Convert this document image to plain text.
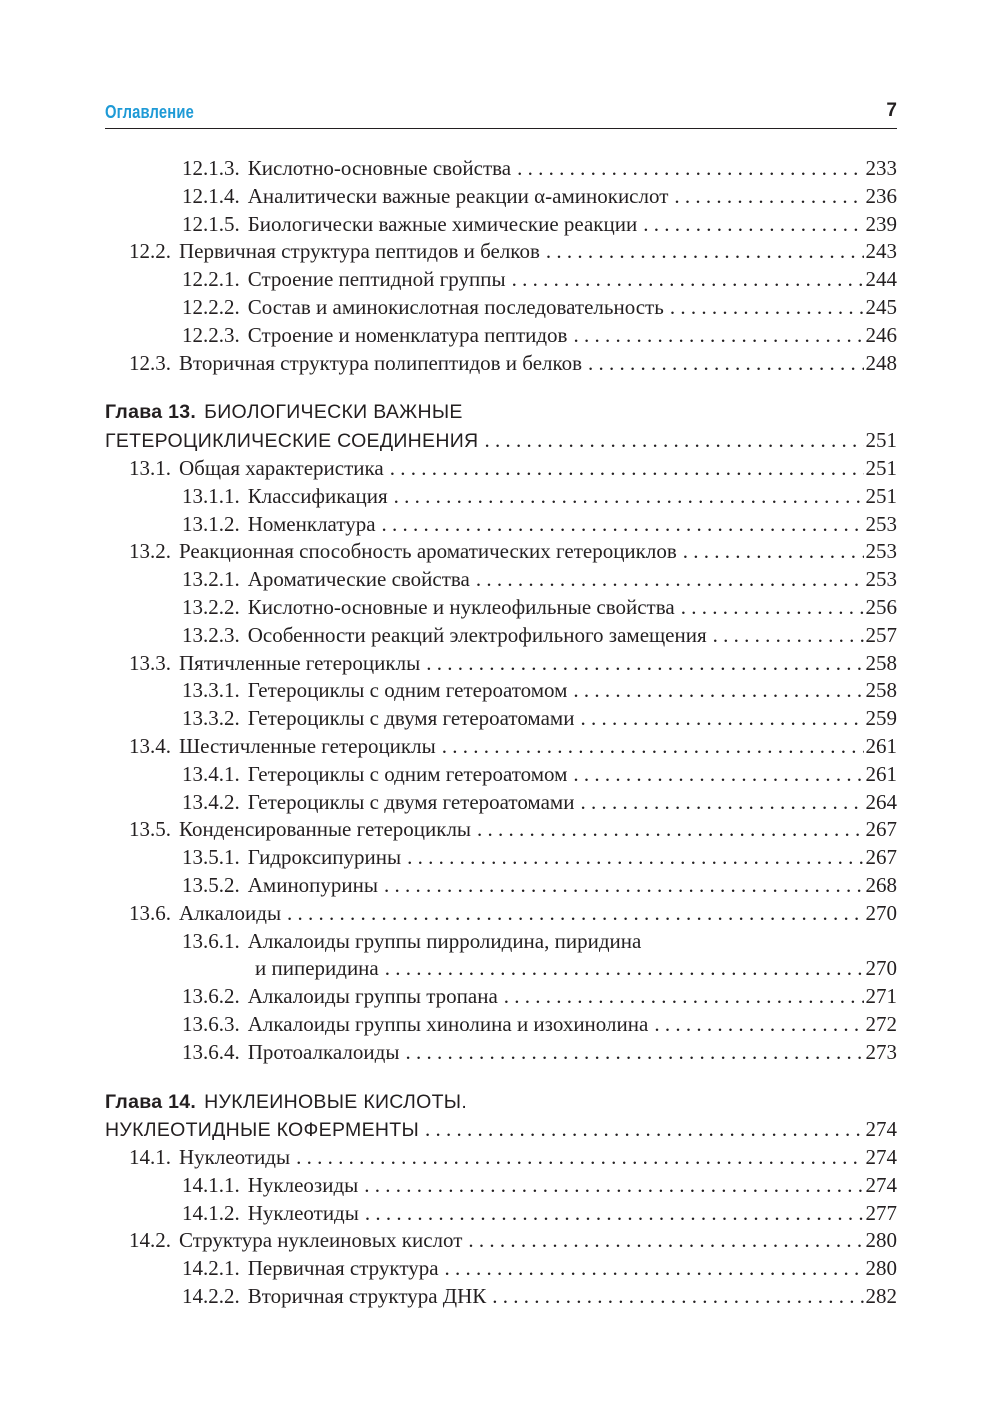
Оглавление	7
12.1.3. Кислотно-основные свойства . . .	233
12.1.4. Аналитически важные реакции α-аминокислот . . .	236
12.1.5. Биологически важные химические реакции . . .	239
12.2. Первичная структура пептидов и белков . . .	243
12.2.1. Строение пептидной группы . . .	244
12.2.2. Состав и аминокислотная последовательность . . .	245
12.2.3. Строение и номенклатура пептидов . . .	246
12.3. Вторичная структура полипептидов и белков . . .	248
Глава 13. БИОЛОГИЧЕСКИ ВАЖНЫЕ
ГЕТЕРОЦИКЛИЧЕСКИЕ СОЕДИНЕНИЯ . . .	251
13.1. Общая характеристика . . .	251
13.1.1. Классификация . . .	251
13.1.2. Номенклатура . . .	253
13.2. Реакционная способность ароматических гетероциклов . . .	253
13.2.1. Ароматические свойства . . .	253
13.2.2. Кислотно-основные и нуклеофильные свойства . . .	256
13.2.3. Особенности реакций электрофильного замещения . . .	257
13.3. Пятичленные гетероциклы . . .	258
13.3.1. Гетероциклы с одним гетероатомом . . .	258
13.3.2. Гетероциклы с двумя гетероатомами . . .	259
13.4. Шестичленные гетероциклы . . .	261
13.4.1. Гетероциклы с одним гетероатомом . . .	261
13.4.2. Гетероциклы с двумя гетероатомами . . .	264
13.5. Конденсированные гетероциклы . . .	267
13.5.1. Гидроксипурины . . .	267
13.5.2. Аминопурины . . .	268
13.6. Алкалоиды . . .	270
13.6.1. Алкалоиды группы пирролидина, пиридина
и пиперидина . . .	270
13.6.2. Алкалоиды группы тропана . . .	271
13.6.3. Алкалоиды группы хинолина и изохинолина . . .	272
13.6.4. Протоалкалоиды . . .	273
Глава 14. НУКЛЕИНОВЫЕ КИСЛОТЫ.
НУКЛЕОТИДНЫЕ КОФЕРМЕНТЫ . . .	274
14.1. Нуклеотиды . . .	274
14.1.1. Нуклеозиды . . .	274
14.1.2. Нуклеотиды . . .	277
14.2. Структура нуклеиновых кислот . . .	280
14.2.1. Первичная структура . . .	280
14.2.2. Вторичная структура ДНК . . .	282
